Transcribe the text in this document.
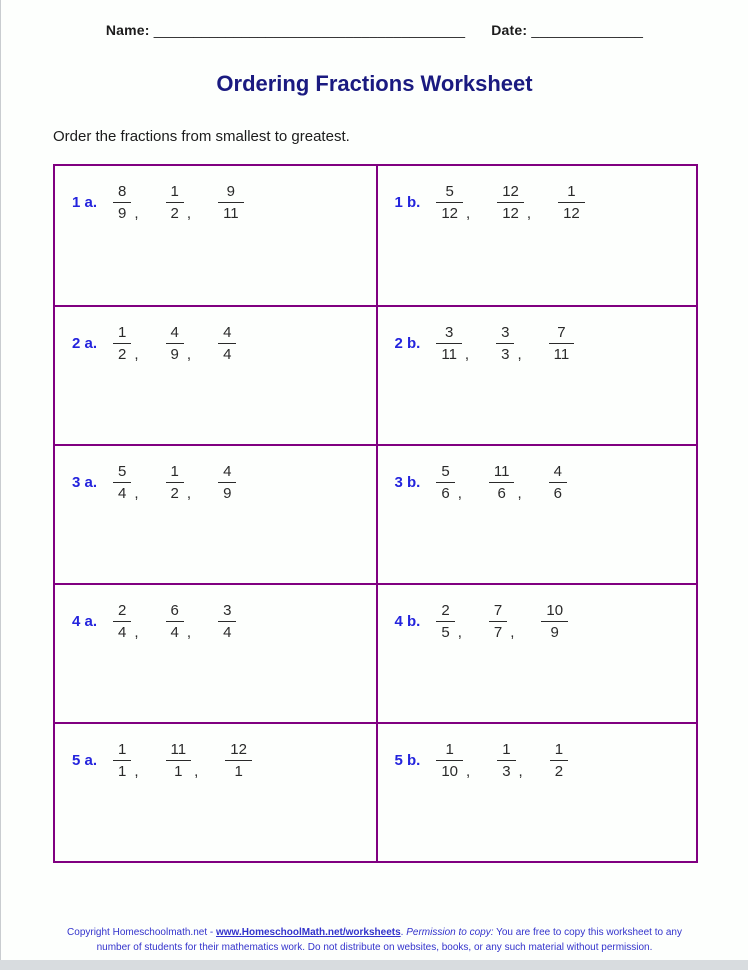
Name: _______________________________________ Date: ______________
Ordering Fractions Worksheet
Order the fractions from smallest to greatest.
1 a. $\frac{8}{9}$ , $\frac{1}{2}$ , $\frac{9}{11}$	1 b. $\frac{5}{12}$ , $\frac{12}{12}$ , $\frac{1}{12}$
2 a. $\frac{1}{2}$ , $\frac{4}{9}$ , $\frac{4}{4}$	2 b. $\frac{3}{11}$ , $\frac{3}{3}$ , $\frac{7}{11}$
3 a. $\frac{5}{4}$ , $\frac{1}{2}$ , $\frac{4}{9}$	3 b. $\frac{5}{6}$ , $\frac{11}{6}$ , $\frac{4}{6}$
4 a. $\frac{2}{4}$ , $\frac{6}{4}$ , $\frac{3}{4}$	4 b. $\frac{2}{5}$ , $\frac{7}{7}$ , $\frac{10}{9}$
5 a. $\frac{1}{1}$ , $\frac{11}{1}$ , $\frac{12}{1}$	5 b. $\frac{1}{10}$ , $\frac{1}{3}$ , $\frac{1}{2}$
Copyright Homeschoolmath.net - www.HomeschoolMath.net/worksheets. Permission to copy: You are free to copy this worksheet to any number of students for their mathematics work. Do not distribute on websites, books, or any such material without permission.
